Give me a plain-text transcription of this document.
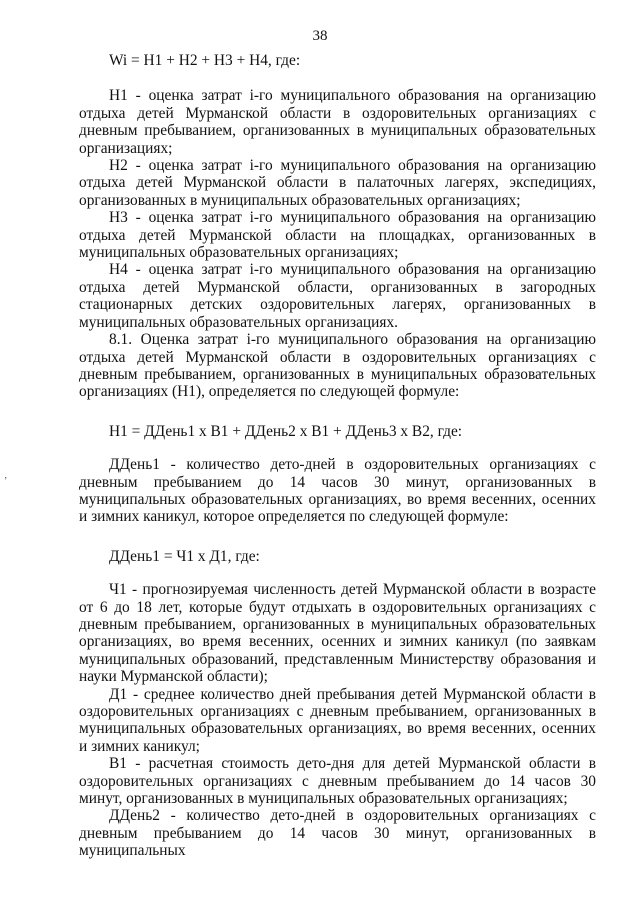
38
’
Wi = H1 + H2 + H3 + H4, где:

H1 - оценка затрат i-го муниципального образования на организацию отдыха детей Мурманской области в оздоровительных организациях с дневным пребыванием, организованных в муниципальных образовательных организациях;

H2 - оценка затрат i-го муниципального образования на организацию отдыха детей Мурманской области в палаточных лагерях, экспедициях, организованных в муниципальных образовательных организациях;

H3 - оценка затрат i-го муниципального образования на организацию отдыха детей Мурманской области на площадках, организованных в муниципальных образовательных организациях;

H4 - оценка затрат i-го муниципального образования на организацию отдыха детей Мурманской области, организованных в загородных стационарных детских оздоровительных лагерях, организованных в муниципальных образовательных организациях.

8.1. Оценка затрат i-го муниципального образования на организацию отдыха детей Мурманской области в оздоровительных организациях с дневным пребыванием, организованных в муниципальных образовательных организациях (H1), определяется по следующей формуле:

H1 = ДДень1 x B1 + ДДень2 x B1 + ДДень3 x B2, где:

ДДень1 - количество дето-дней в оздоровительных организациях с дневным пребыванием до 14 часов 30 минут, организованных в муниципальных образовательных организациях, во время весенних, осенних и зимних каникул, которое определяется по следующей формуле:

ДДень1 = Ч1 x Д1, где:

Ч1 - прогнозируемая численность детей Мурманской области в возрасте от 6 до 18 лет, которые будут отдыхать в оздоровительных организациях с дневным пребыванием, организованных в муниципальных образовательных организациях, во время весенних, осенних и зимних каникул (по заявкам муниципальных образований, представленным Министерству образования и науки Мурманской области);

Д1 - среднее количество дней пребывания детей Мурманской области в оздоровительных организациях с дневным пребыванием, организованных в муниципальных образовательных организациях, во время весенних, осенних и зимних каникул;

B1 - расчетная стоимость дето-дня для детей Мурманской области в оздоровительных организациях с дневным пребыванием до 14 часов 30 минут, организованных в муниципальных образовательных организациях;

ДДень2 - количество дето-дней в оздоровительных организациях с дневным пребыванием до 14 часов 30 минут, организованных в муниципальных
